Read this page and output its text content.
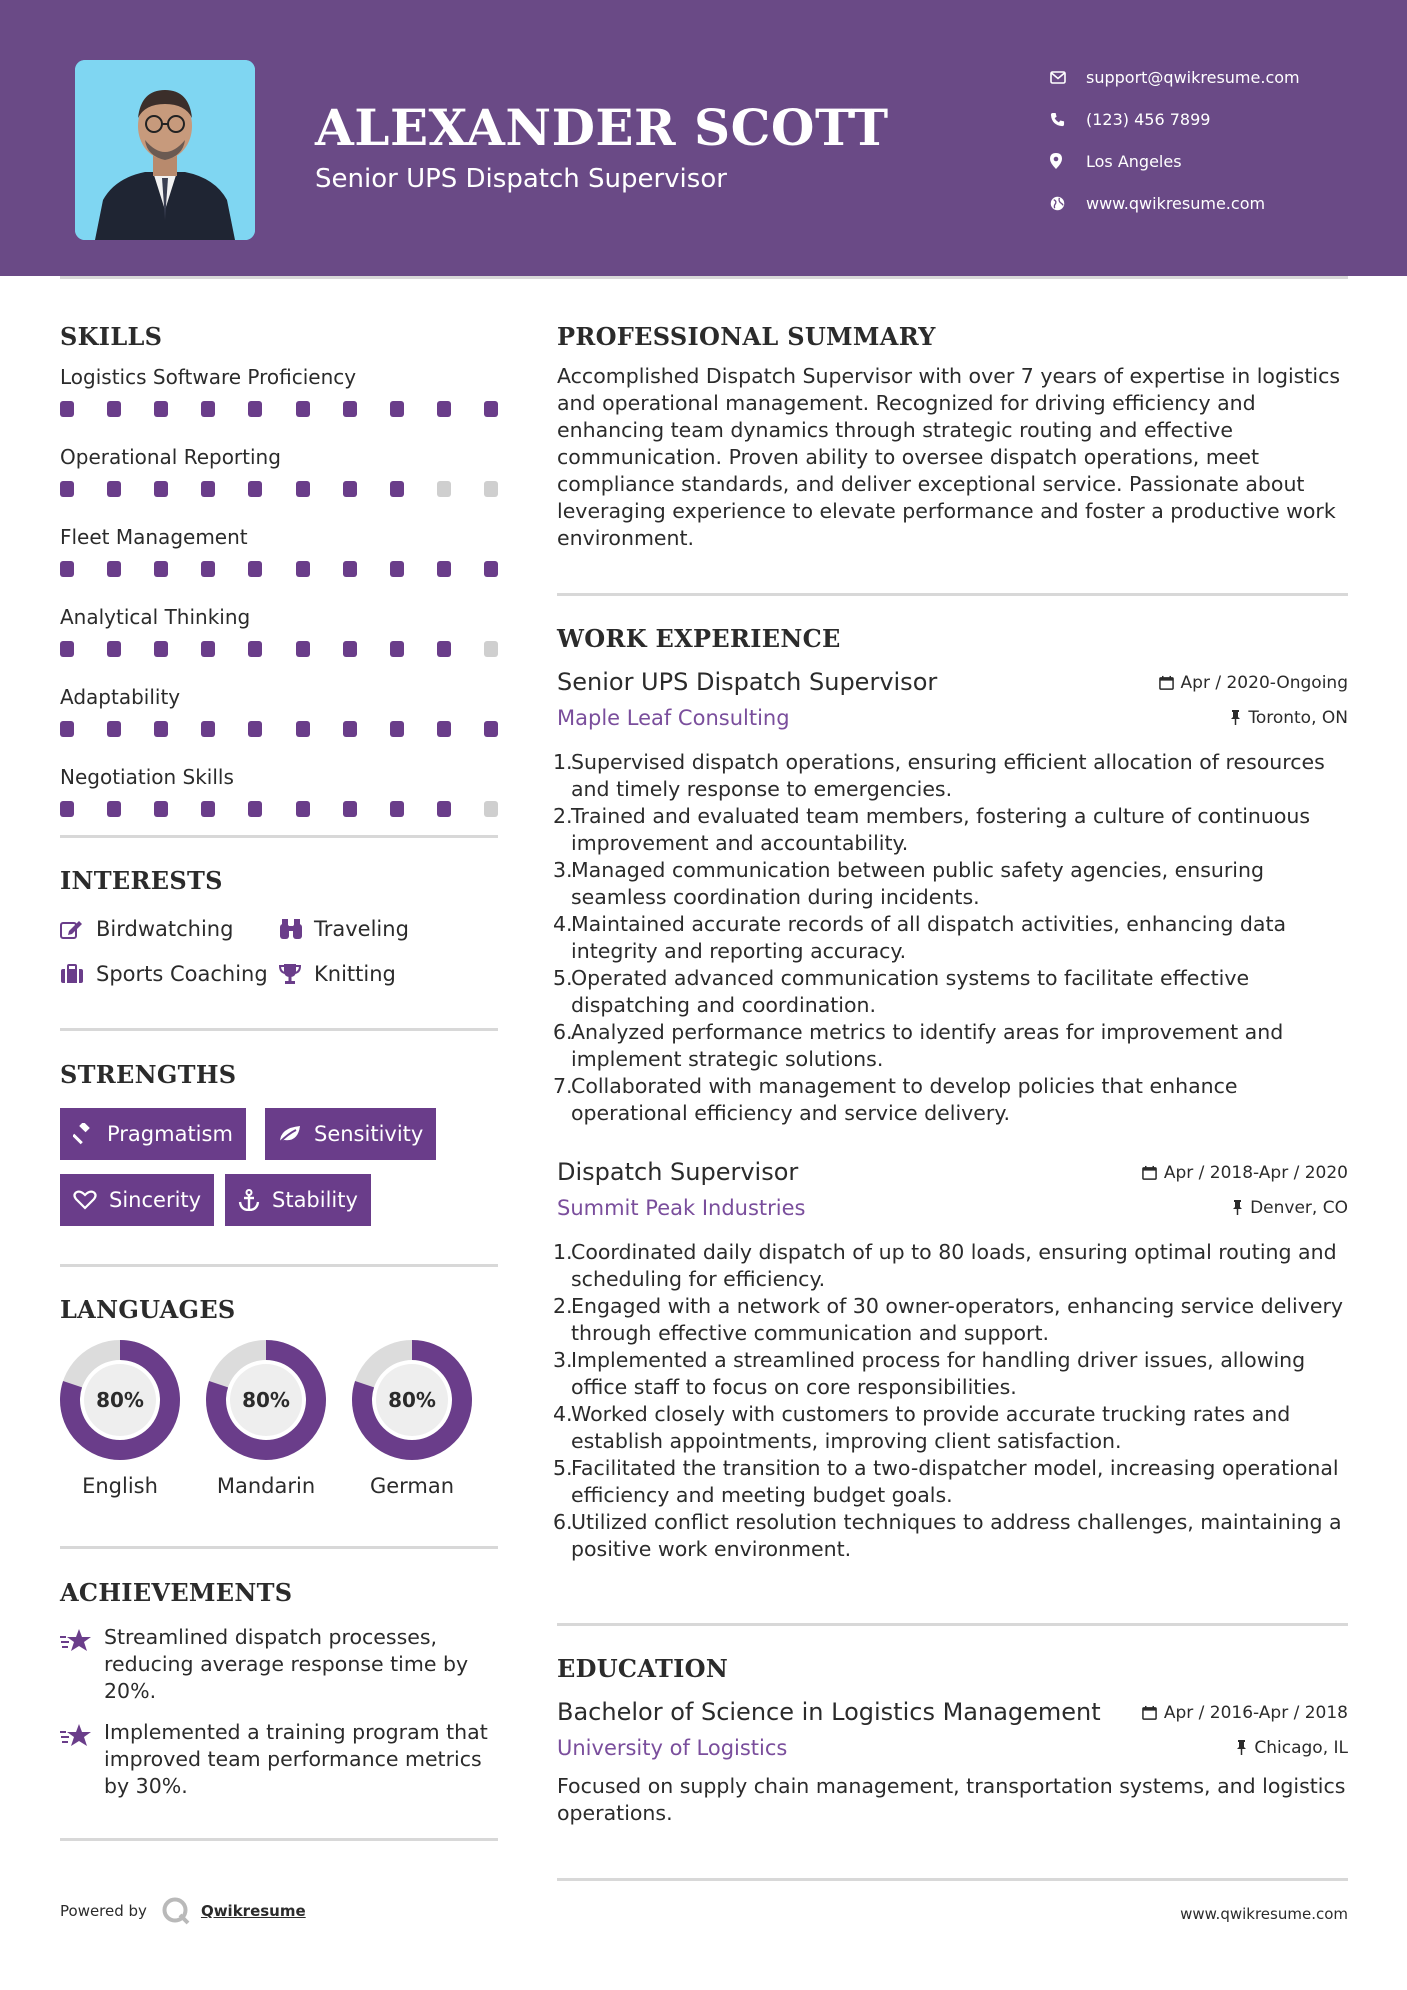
ALEXANDER SCOTT
Senior UPS Dispatch Supervisor
support@qwikresume.com
(123) 456 7899
Los Angeles
www.qwikresume.com
SKILLS
Logistics Software Proficiency
Operational Reporting
Fleet Management
Analytical Thinking
Adaptability
Negotiation Skills
INTERESTS
Birdwatching	Traveling
Sports Coaching Knitting
STRENGTHS
Pragmatism	Sensitivity
Sincerity	Stability
LANGUAGES
80%
English
80%
Mandarin
80%
German
ACHIEVEMENTS
Streamlined dispatch processes, reducing average response time by 20%.
Implemented a training program that improved team performance metrics by 30%.
PROFESSIONAL SUMMARY
Accomplished Dispatch Supervisor with over 7 years of expertise in logistics and operational management. Recognized for driving efficiency and enhancing team dynamics through strategic routing and effective communication. Proven ability to oversee dispatch operations, meet compliance standards, and deliver exceptional service. Passionate about leveraging experience to elevate performance and foster a productive work environment.
WORK EXPERIENCE
Senior UPS Dispatch Supervisor	Apr / 2020-Ongoing
Maple Leaf Consulting	Toronto, ON
1.
Supervised dispatch operations, ensuring efficient allocation of resources and timely response to emergencies.
2.
Trained and evaluated team members, fostering a culture of continuous improvement and accountability.
3.
Managed communication between public safety agencies, ensuring seamless coordination during incidents.
4.
Maintained accurate records of all dispatch activities, enhancing data integrity and reporting accuracy.
5.
Operated advanced communication systems to facilitate effective dispatching and coordination.
6.
Analyzed performance metrics to identify areas for improvement and implement strategic solutions.
7.
Collaborated with management to develop policies that enhance operational efficiency and service delivery.
Dispatch Supervisor	Apr / 2018-Apr / 2020
Summit Peak Industries	Denver, CO
1.
Coordinated daily dispatch of up to 80 loads, ensuring optimal routing and scheduling for efficiency.
2.
Engaged with a network of 30 owner-operators, enhancing service delivery through effective communication and support.
3.
Implemented a streamlined process for handling driver issues, allowing office staff to focus on core responsibilities.
4.
Worked closely with customers to provide accurate trucking rates and establish appointments, improving client satisfaction.
5.
Facilitated the transition to a two-dispatcher model, increasing operational efficiency and meeting budget goals.
6.
Utilized conflict resolution techniques to address challenges, maintaining a positive work environment.
EDUCATION
Bachelor of Science in Logistics Management	Apr / 2016-Apr / 2018
University of Logistics	Chicago, IL
Focused on supply chain management, transportation systems, and logistics operations.
Powered by	Qwikresume	www.qwikresume.com
